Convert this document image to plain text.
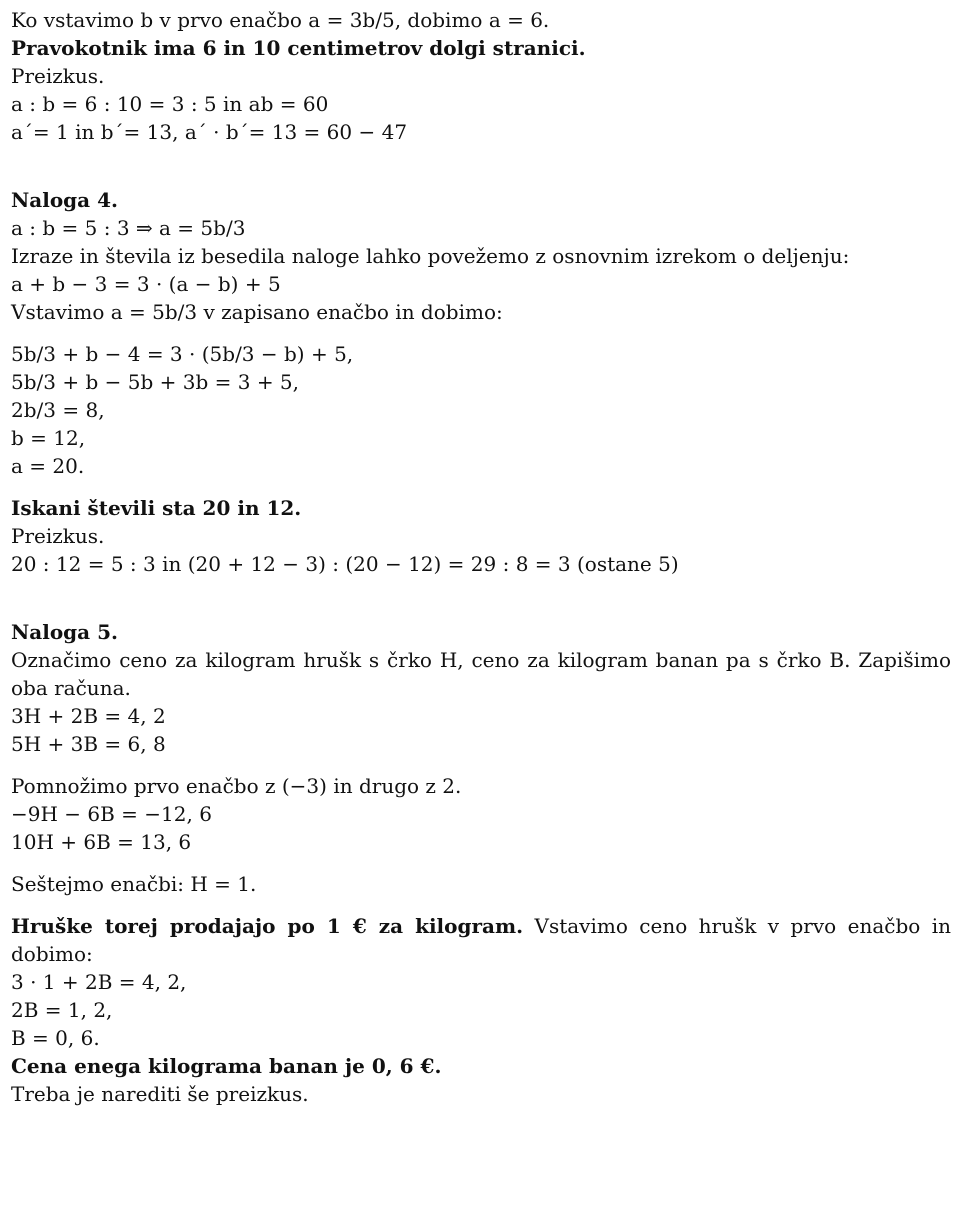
Ko vstavimo b v prvo enačbo a = 3b/5, dobimo a = 6.
Pravokotnik ima 6 in 10 centimetrov dolgi stranici.
Preizkus.
a : b = 6 : 10 = 3 : 5 in ab = 60
a´= 1 in b´= 13, a´ · b´= 13 = 60 − 47
Naloga 4.
a : b = 5 : 3 ⇒ a = 5b/3
Izraze in števila iz besedila naloge lahko povežemo z osnovnim izrekom o deljenju:
a + b − 3 = 3 · (a − b) + 5
Vstavimo a = 5b/3 v zapisano enačbo in dobimo:
5b/3 + b − 4 = 3 · (5b/3 − b) + 5,
5b/3 + b − 5b + 3b = 3 + 5,
2b/3 = 8,
b = 12,
a = 20.
Iskani števili sta 20 in 12.
Preizkus.
20 : 12 = 5 : 3 in (20 + 12 − 3) : (20 − 12) = 29 : 8 = 3 (ostane 5)
Naloga 5.
Označimo ceno za kilogram hrušk s črko H, ceno za kilogram banan pa s črko B. Zapišimo oba računa.
3H + 2B = 4, 2
5H + 3B = 6, 8
Pomnožimo prvo enačbo z (−3) in drugo z 2.
−9H − 6B = −12, 6
10H + 6B = 13, 6
Seštejmo enačbi: H = 1.
Hruške torej prodajajo po 1 € za kilogram. Vstavimo ceno hrušk v prvo enačbo in dobimo:
3 · 1 + 2B = 4, 2,
2B = 1, 2,
B = 0, 6.
Cena enega kilograma banan je 0, 6 €.
Treba je narediti še preizkus.
